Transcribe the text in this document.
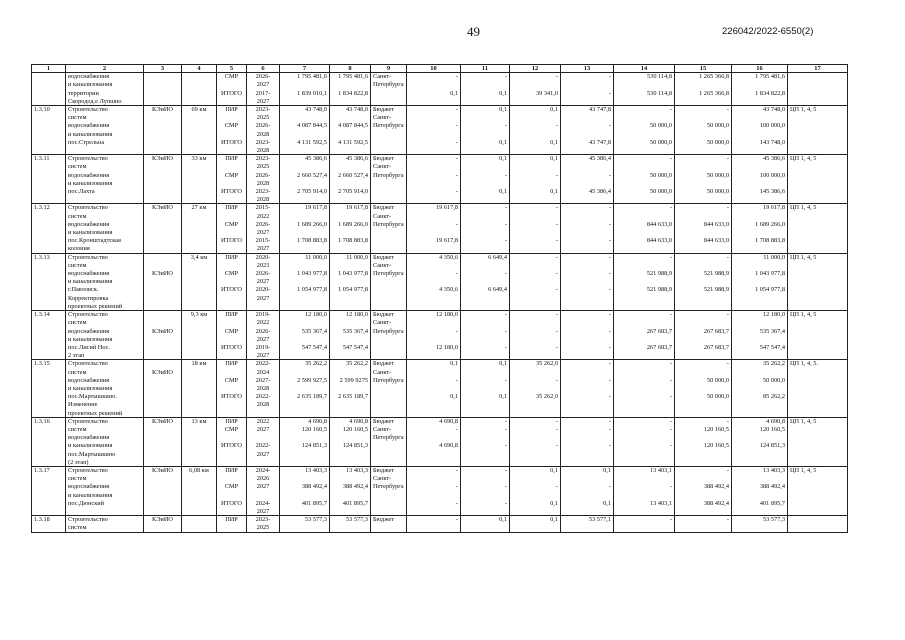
49	226042/2022-6550(2)
1	2	3	4	5	6	7	8	9	10	11	12	13	14	15	16	17
	водоснабжения			СМР	2026-	1 795 481,6	1 795 481,6	Санкт-	-	-	-	-	530 114,8	1 265 366,8	1 795 481,6	
	и канализования				2027			Петербурга								
	территории			ИТОГО	2017-	1 839 010,1	1 834 822,8		0,1	0,1	39 341,0	-	530 114,8	1 265 366,8	1 834 822,8	
	Скородод.е Лупшно				2027											
1.3.10	Строительство	КЭиИО	69 км	ПИР	2023-	43 748,0	43 748,0	Бюджет	-	0,1	0,1	43 747,8	-	-	43 748,0	ЦП 1, 4, 5
	систем				2025			Санкт-								
	водоснабжения			СМР	2026-	4 087 844,5	4 087 844,5	Петербурга	-	-	-	-	50 000,0	50 000,0	100 000,0	
	и канализования				2028											
	пос.Стрельна			ИТОГО	2023-	4 131 592,5	4 131 592,5		-	0,1	0,1	43 747,8	50 000,0	50 000,0	143 748,0	
					2028											
1.3.11	Строительство	КЭиИО	33 км	ПИР	2023-	45 386,6	45 386,6	Бюджет	-	0,1	0,1	45 386,4	-	-	45 386,6	ЦП 1, 4, 5
	систем				2025			Санкт-								
	водоснабжения			СМР	2026-	2 660 527,4	2 660 527,4	Петербурга	-	-	-	-	50 000,0	50 000,0	100 000,0	
	и канализования				2028											
	пос.Лахта			ИТОГО	2023-	2 705 914,0	2 705 914,0		-	0,1	0,1	45 386,4	50 000,0	50 000,0	145 386,6	
					2028											
1.3.12	Строительство	КЭиИО	27 км	ПИР	2015-	19 617,8	19 617,8	Бюджет	19 617,8	-	-	-	-	-	19 617,8	ЦП 1, 4, 5
	систем				2022			Санкт-								
	водоснабжения			СМР	2026-	1 689 266,0	1 689 266,0	Петербурга	-	-	-	-	844 633,0	844 633,0	1 689 266,0	
	и канализования				2027											
	пос.Кронштадтская			ИТОГО	2015-	1 708 883,8	1 708 883,8		19 617,8	-	-	-	844 633,0	844 633,0	1 708 883,8	
	колония				2027											
1.3.13	Строительство		3,4 км	ПИР	2020-	11 000,0	11 000,0	Бюджет	4 350,6	6 649,4	-	-	-	-	11 000,0	ЦП 1, 4, 5
	систем				2023			Санкт-								
	водоснабжения	КЭиИО		СМР	2026-	1 043 977,8	1 043 977,8	Петербурга	-	-	-	-	521 988,9	521 988,9	1 043 977,8	
	и канализования				2027											
	г.Павловск.			ИТОГО	2020-	1 054 977,8	1 054 977,8		4 350,6	6 649,4	-	-	521 988,9	521 988,9	1 054 977,8	
	Корректировка				2027											
	проектных решений															
1.3.14	Строительство		9,3 км	ПИР	2019-	12 180,0	12 180,0	Бюджет	12 180,0	-	-	-	-	-	12 180,0	ЦП 1, 4, 5
	систем				2022			Санкт-								
	водоснабжения	КЭиИО		СМР	2026-	535 367,4	535 367,4	Петербурга	-	-	-	-	267 683,7	267 683,7	535 367,4	
	и канализования				2027											
	пос.Лисий Нос.			ИТОГО	2019-	547 547,4	547 547,4		12 180,0	-	-	-	267 683,7	267 683,7	547 547,4	
	2 этап				2027											
1.3.15	Строительство		18 км	ПИР	2022-	35 262,2	35 262,2	Бюджет	0,1	0,1	35 262,0	-	-	-	35 262,2	ЦП 1, 4, 5.
	систем	КЭиИО			2024			Санкт-								
	водоснабжения			СМР	2027-	2 599 927,5	2 599 9275	Петербурга	-	-	-	-	-	50 000,0	50 000,0	
	и канализования				2028											
	пос.Мартышкино.			ИТОГО	2022-	2 635 189,7	2 635 189,7		0,1	0,1	35 262,0	-	-	50 000,0	85 262,2	
	Изменение				2028											
	проектных решений															
1.3.16	Строительство	КЭиИО	13 км	ПИР	2022	4 690,8	4 690,8	Бюджет	4 690,8	-	-	-	-	-	4 690,8	ЦП 1, 4, 5
	систем			СМР	2027	120 160,5	120 160,5	Санкт-	-	-	-	-	-	120 160,5	120 160,5	
	водоснабжения							Петербурга								
	и канализования			ИТОГО	2022-	124 851,3	124 851,3		4 690,8	-	-	-	-	120 160,5	124 851,3	
	пос.Мартышкино				2027											
	(2 этап)															
1.3.17	Строительство	КЭиИО	6,08 км	ПИР	2024-	13 403,3	13 403,3	Бюджет	-	-	0,1	0,1	13 403,1	-	13 403,3	ЦП 1, 4, 5
	систем				2026			Санкт-								
	водоснабжения			СМР	2027	388 492,4	388 492,4	Петербурга	-	-	-	-	-	388 492,4	388 492,4	
	и канализования															
	пос.Дюнский			ИТОГО	2024-	401 895,7	401 895,7		-	-	0,1	0,1	13 403,1	388 492,4	401 895,7	
					2027											
1.3.18	Строительство	КЭиИО		ПИР	2023-	53 577,3	53 577,3	Бюджет	-	0,1	0,1	53 577,1	-	-	53 577,3	
	систем				2025											
